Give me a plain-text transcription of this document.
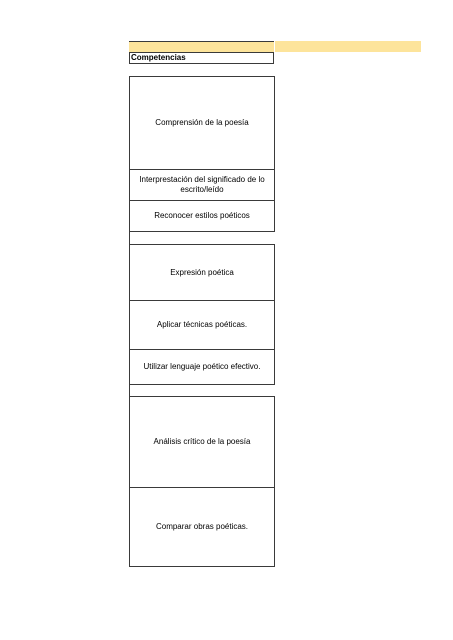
Competencias
Comprensión de la poesía
Interprestación del significado de lo escrito/leído
Reconocer estilos poéticos
Expresión poética
Aplicar técnicas poéticas.
Utilizar lenguaje poético efectivo.
Análisis crítico de la poesía
Comparar obras poéticas.
